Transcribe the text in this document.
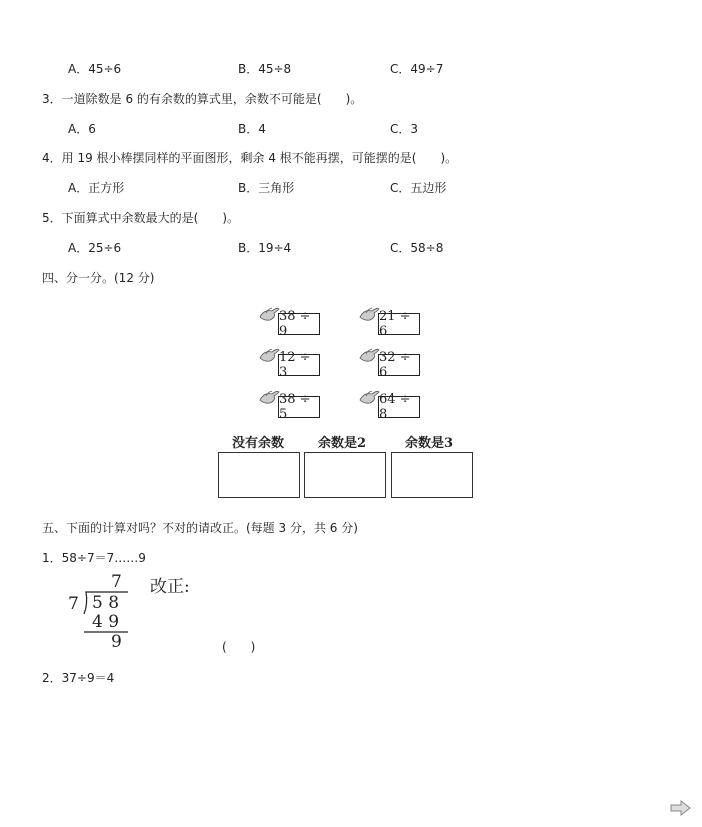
A．45÷6	B．45÷8	C．49÷7
3．一道除数是 6 的有余数的算式里，余数不可能是(　　)。
A．6	B．4	C．3
4．用 19 根小棒摆同样的平面图形，剩余 4 根不能再摆，可能摆的是(　　)。
A．正方形	B．三角形	C．五边形
5．下面算式中余数最大的是(　　)。
A．25÷6	B．19÷4	C．58÷8
四、分一分。(12 分)
38 ÷ 9
21 ÷ 6
12 ÷ 3
32 ÷ 6
38 ÷ 5
64 ÷ 8
没有余数	余数是2	余数是3
五、下面的计算对吗？不对的请改正。(每题 3 分，共 6 分)
1．58÷7＝7……9
7
7 5 8
4 9
9
改正:
(　　)
2．37÷9＝4
